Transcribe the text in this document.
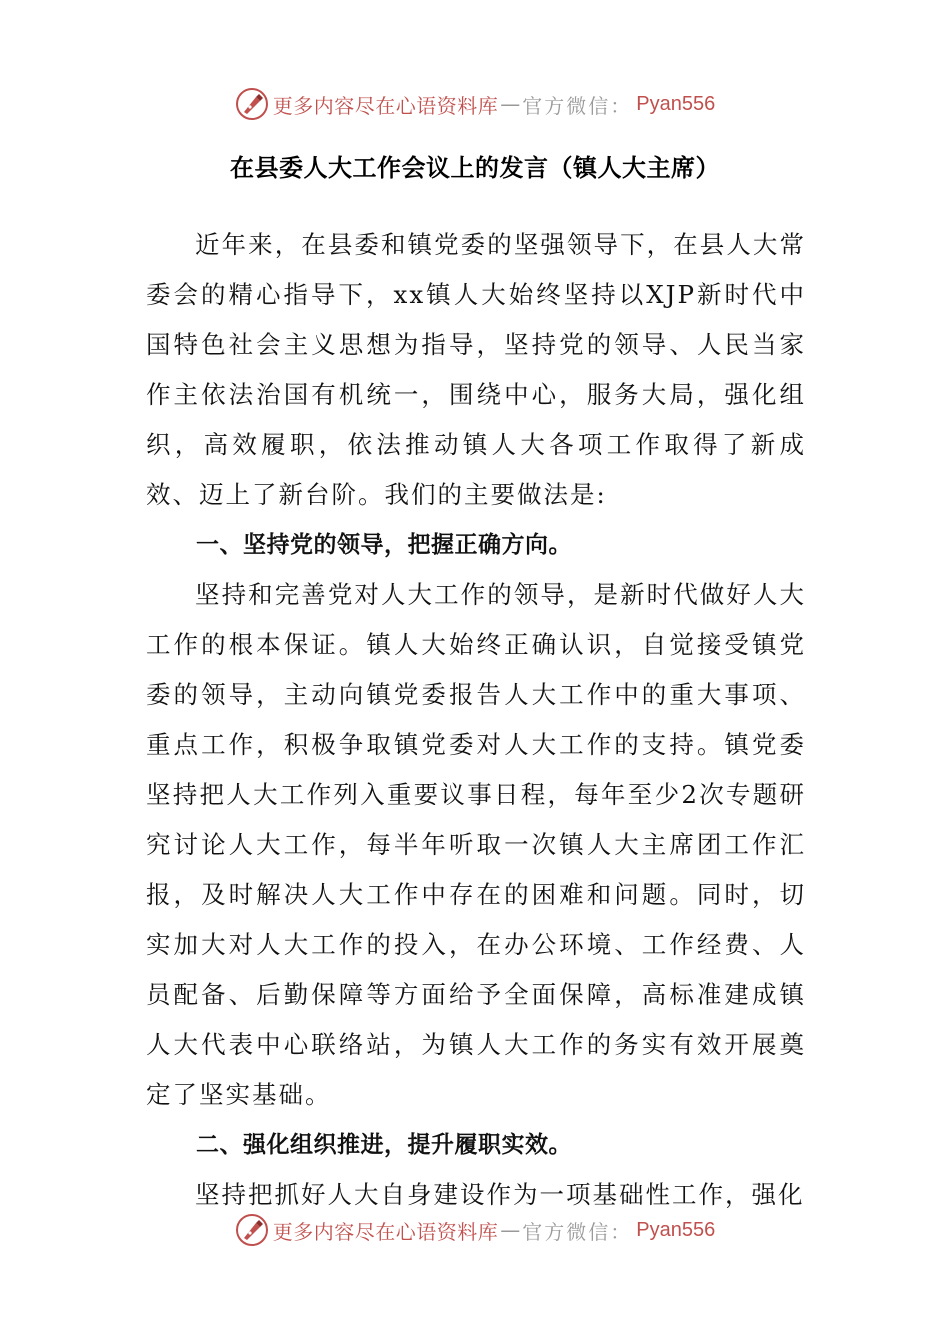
更多内容尽在心语资料库 — 官方微信： Pyan556
在县委人大工作会议上的发言（镇人大主席）

近年来，在县委和镇党委的坚强领导下，在县人大常委会的精心指导下，xx镇人大始终坚持以XJP新时代中国特色社会主义思想为指导，坚持党的领导、人民当家作主依法治国有机统一，围绕中心，服务大局，强化组织，高效履职，依法推动镇人大各项工作取得了新成效、迈上了新台阶。我们的主要做法是:

一、坚持党的领导，把握正确方向。

坚持和完善党对人大工作的领导，是新时代做好人大工作的根本保证。镇人大始终正确认识，自觉接受镇党委的领导，主动向镇党委报告人大工作中的重大事项、重点工作，积极争取镇党委对人大工作的支持。镇党委坚持把人大工作列入重要议事日程，每年至少2次专题研究讨论人大工作，每半年听取一次镇人大主席团工作汇报，及时解决人大工作中存在的困难和问题。同时，切实加大对人大工作的投入，在办公环境、工作经费、人员配备、后勤保障等方面给予全面保障，高标准建成镇人大代表中心联络站，为镇人大工作的务实有效开展奠定了坚实基础。

二、强化组织推进，提升履职实效。

坚持把抓好人大自身建设作为一项基础性工作，强化

更多内容尽在心语资料库 — 官方微信： Pyan556
